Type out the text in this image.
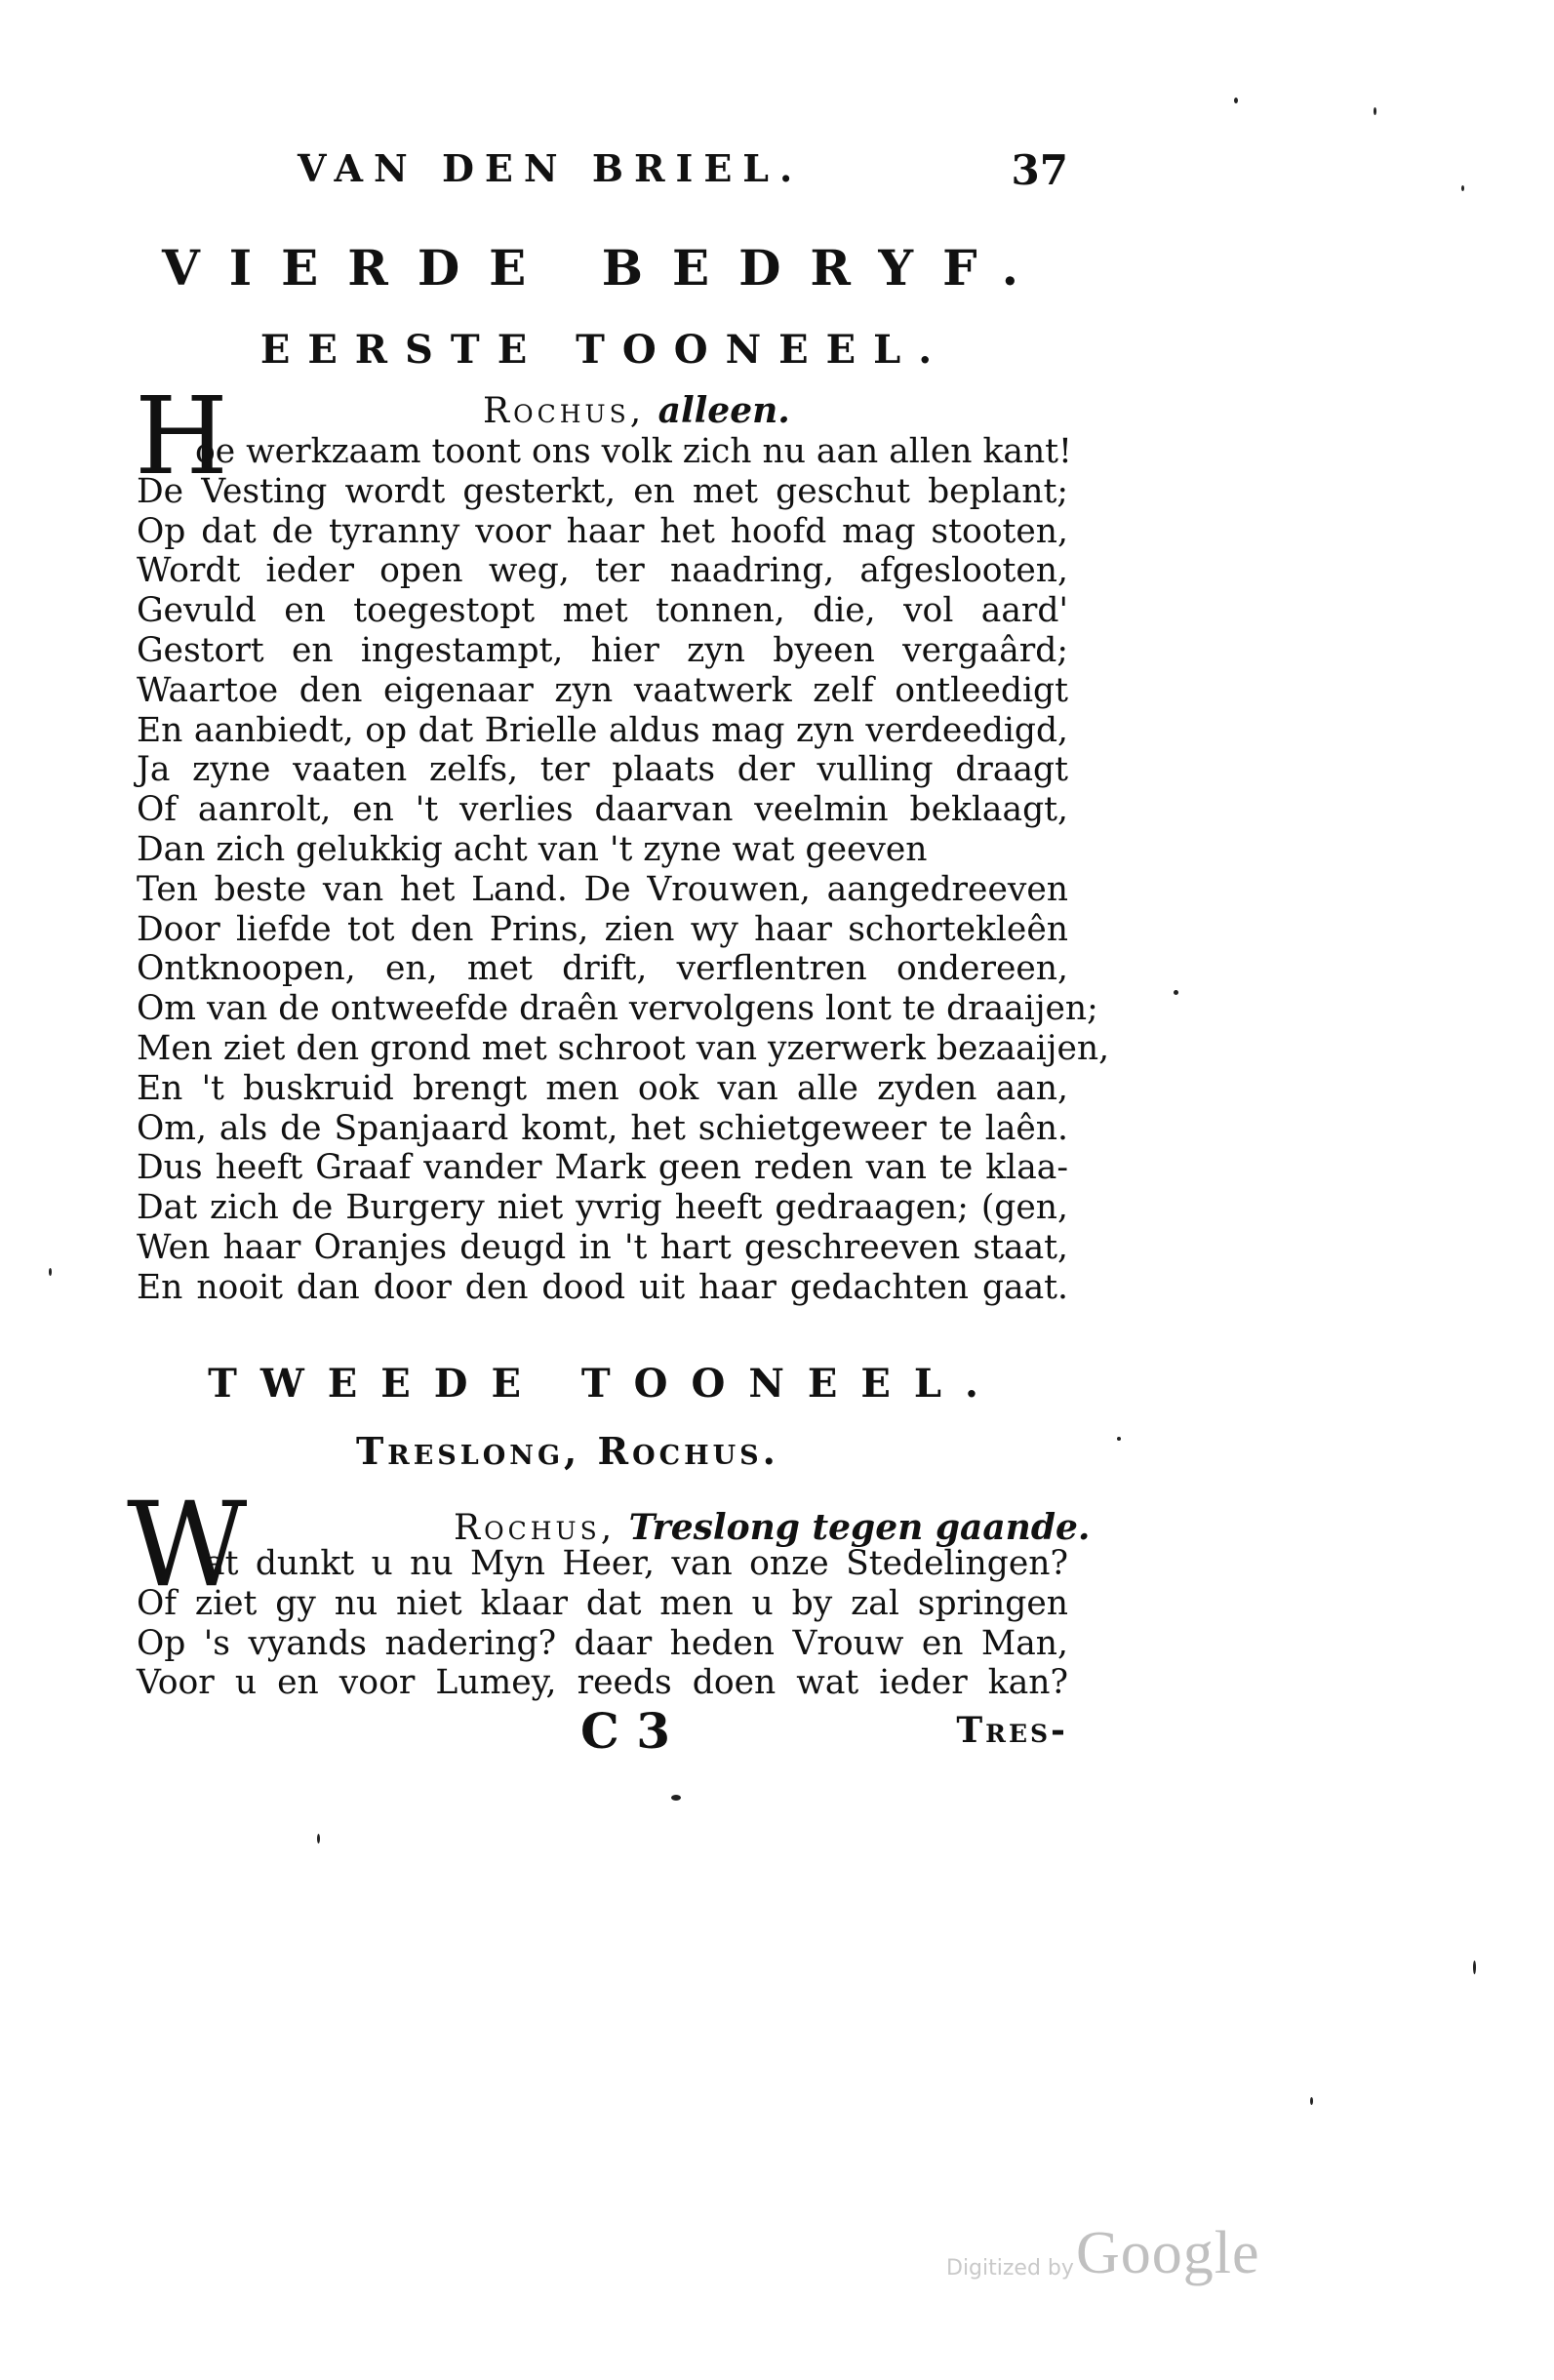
VAN DEN BRIEL.	37
VIERDE BEDRYF.
EERSTE TOONEEL.
Rochus, alleen.
H
oe werkzaam toont ons volk zich nu aan allen kant!
De Vesting wordt gesterkt, en met geschut beplant;
Op dat de tyranny voor haar het hoofd mag stooten,
Wordt ieder open weg, ter naadring, afgeslooten,
Gevuld en toegestopt met tonnen, die, vol aard'
Gestort en ingestampt, hier zyn byeen vergaârd;
Waartoe den eigenaar zyn vaatwerk zelf ontleedigt
En aanbiedt, op dat Brielle aldus mag zyn verdeedigd,
Ja zyne vaaten zelfs, ter plaats der vulling draagt
Of aanrolt, en 't verlies daarvan veelmin beklaagt,
Dan zich gelukkig acht van 't zyne wat geeven
Ten beste van het Land. De Vrouwen, aangedreeven
Door liefde tot den Prins, zien wy haar schortekleên
Ontknoopen, en, met drift, verflentren ondereen,
Om van de ontweefde draên vervolgens lont te draaijen;
Men ziet den grond met schroot van yzerwerk bezaaijen,
En 't buskruid brengt men ook van alle zyden aan,
Om, als de Spanjaard komt, het schietgeweer te laên.
Dus heeft Graaf vander Mark geen reden van te klaa-
Dat zich de Burgery niet yvrig heeft gedraagen; (gen,
Wen haar Oranjes deugd in 't hart geschreeven staat,
En nooit dan door den dood uit haar gedachten gaat.
TWEEDE TOONEEL.
Treslong, Rochus.
Rochus, Treslong tegen gaande.
W
at dunkt u nu Myn Heer, van onze Stedelingen?
Of ziet gy nu niet klaar dat men u by zal springen
Op 's vyands nadering? daar heden Vrouw en Man,
Voor u en voor Lumey, reeds doen wat ieder kan?
C 3	Tres-
Digitized by Google
